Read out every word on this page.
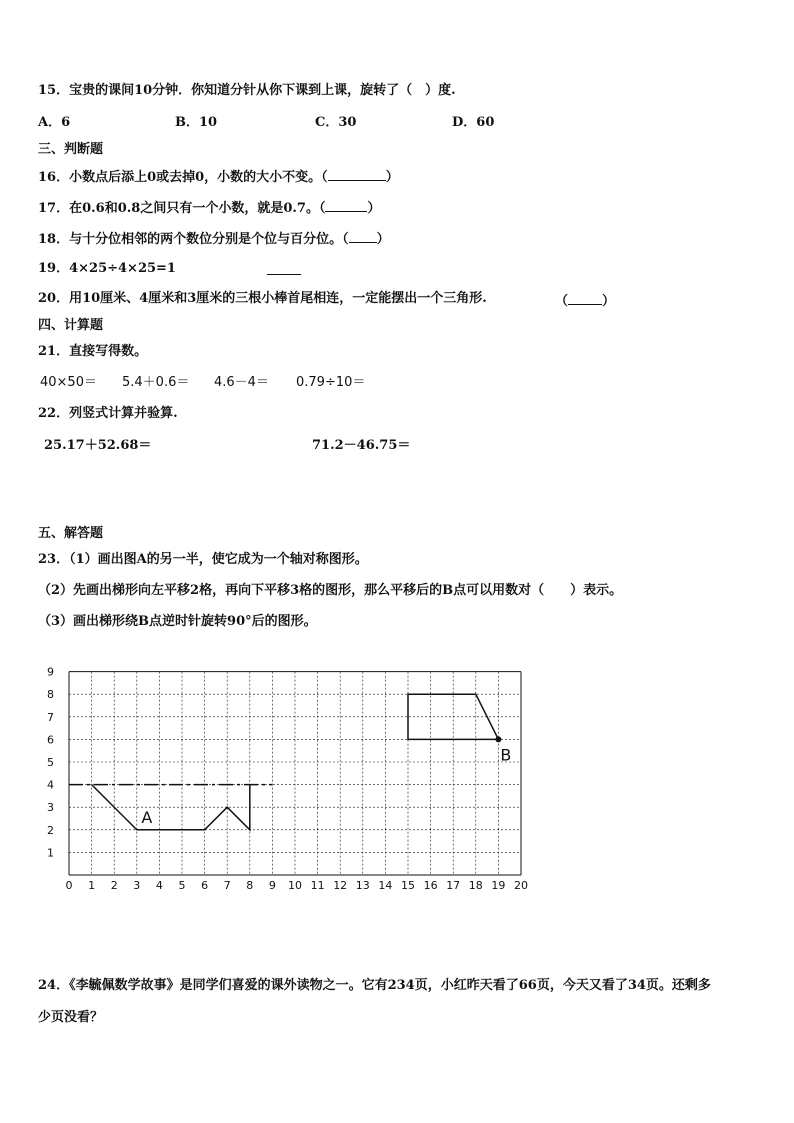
15．宝贵的课间10分钟．你知道分针从你下课到上课，旋转了（　）度.
A．6	B．10	C．30	D．60
三、判断题
16．小数点后添上0或去掉0，小数的大小不变。（	）
17．在0.6和0.8之间只有一个小数，就是0.7。（	）
18．与十分位相邻的两个数位分别是个位与百分位。（ ）
19．4×25÷4×25=1
20．用10厘米、4厘米和3厘米的三根小棒首尾相连，一定能摆出一个三角形.	（	）
四、计算题
21．直接写得数。
40×50＝ 5.4＋0.6＝ 4.6－4＝ 0.79÷10＝
22．列竖式计算并验算.
25.17＋52.68＝	71.2－46.75＝
五、解答题
23．（1）画出图A的另一半，使它成为一个轴对称图形。
（2）先画出梯形向左平移2格，再向下平移3格的图形，那么平移后的B点可以用数对（　　）表示。
（3）画出梯形绕B点逆时针旋转90°后的图形。
0 1 2 3 4 5 6 7 8 9 10 11 12 13 14 15 16 17 18 19 20
1
2
3
4
5
6
7
8
9
A
B
24．《李毓佩数学故事》是同学们喜爱的课外读物之一。它有234页，小红昨天看了66页，今天又看了34页。还剩多
少页没看？
